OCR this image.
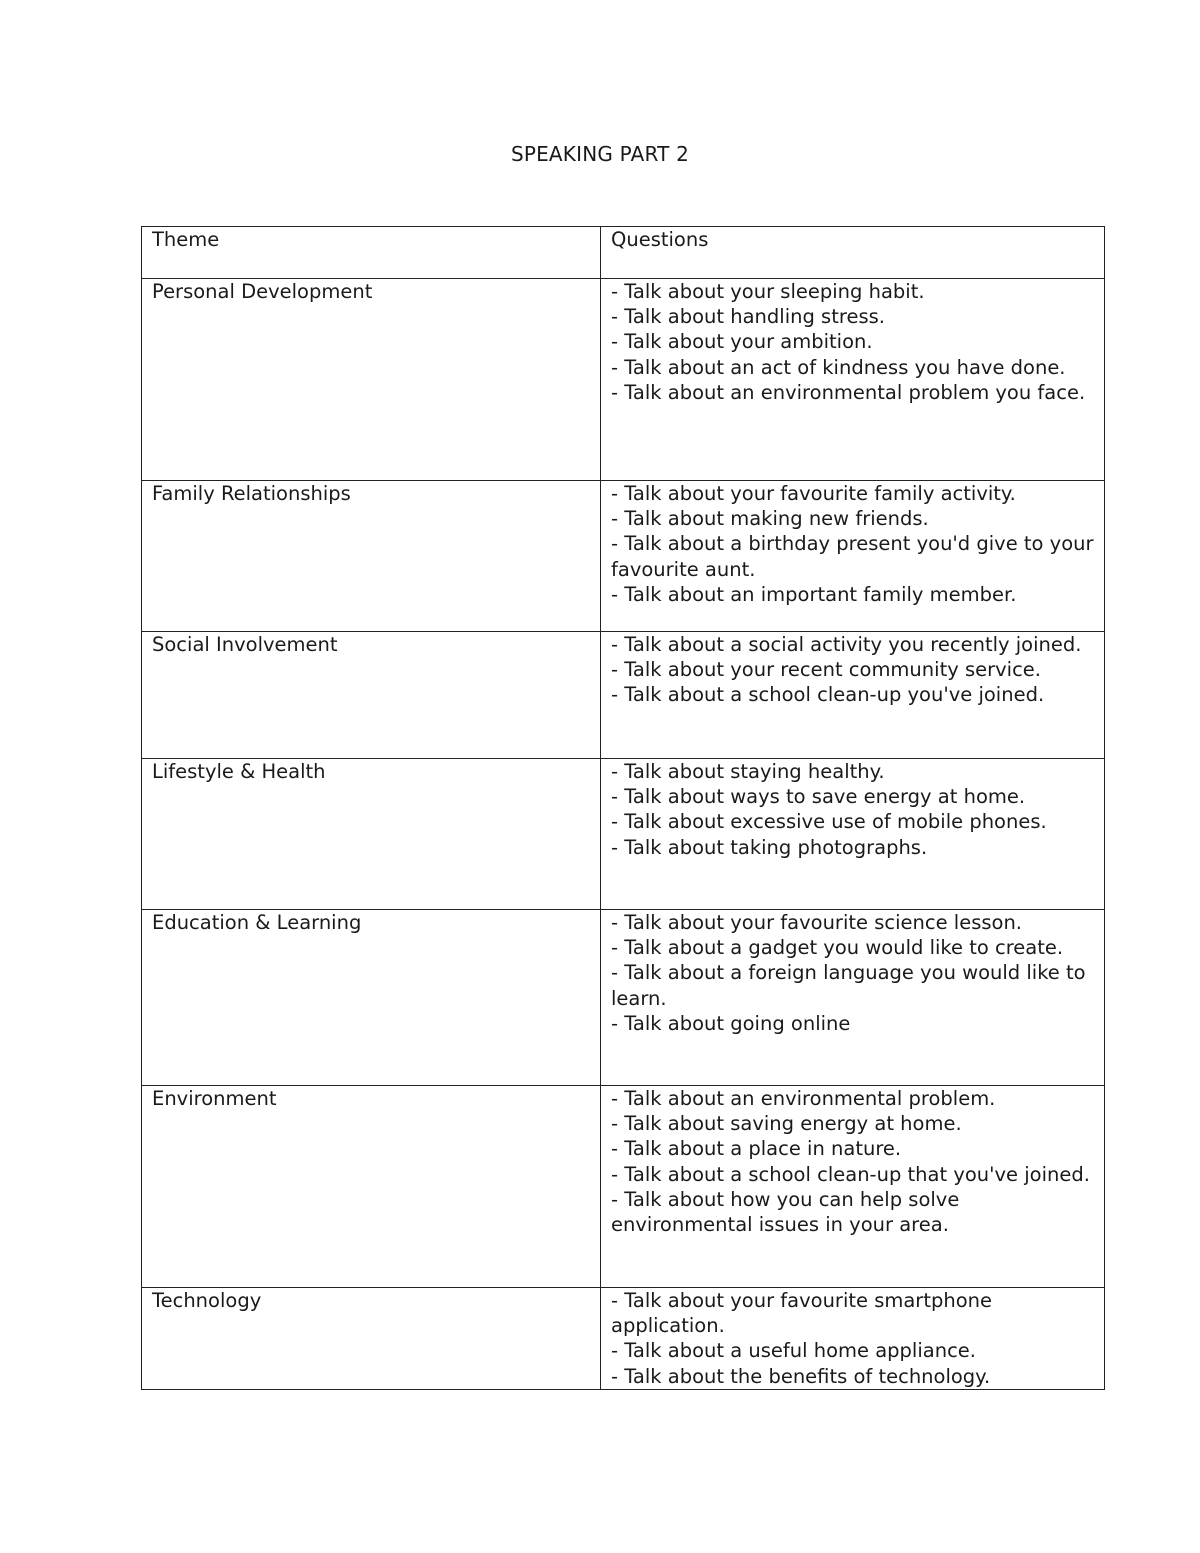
SPEAKING PART 2
Theme	Questions
Personal Development	- Talk about your sleeping habit.
- Talk about handling stress.
- Talk about your ambition.
- Talk about an act of kindness you have done.
- Talk about an environmental problem you face.

Family Relationships	- Talk about your favourite family activity.
- Talk about making new friends.
- Talk about a birthday present you'd give to your favourite aunt.
- Talk about an important family member.

Social Involvement	- Talk about a social activity you recently joined.
- Talk about your recent community service.
- Talk about a school clean-up you've joined.

Lifestyle & Health	- Talk about staying healthy.
- Talk about ways to save energy at home.
- Talk about excessive use of mobile phones.
- Talk about taking photographs.

Education & Learning	- Talk about your favourite science lesson.
- Talk about a gadget you would like to create.
- Talk about a foreign language you would like to learn.
- Talk about going online

Environment	- Talk about an environmental problem.
- Talk about saving energy at home.
- Talk about a place in nature.
- Talk about a school clean-up that you've joined.
- Talk about how you can help solve environmental issues in your area.

Technology	- Talk about your favourite smartphone application.
- Talk about a useful home appliance.
- Talk about the benefits of technology.
